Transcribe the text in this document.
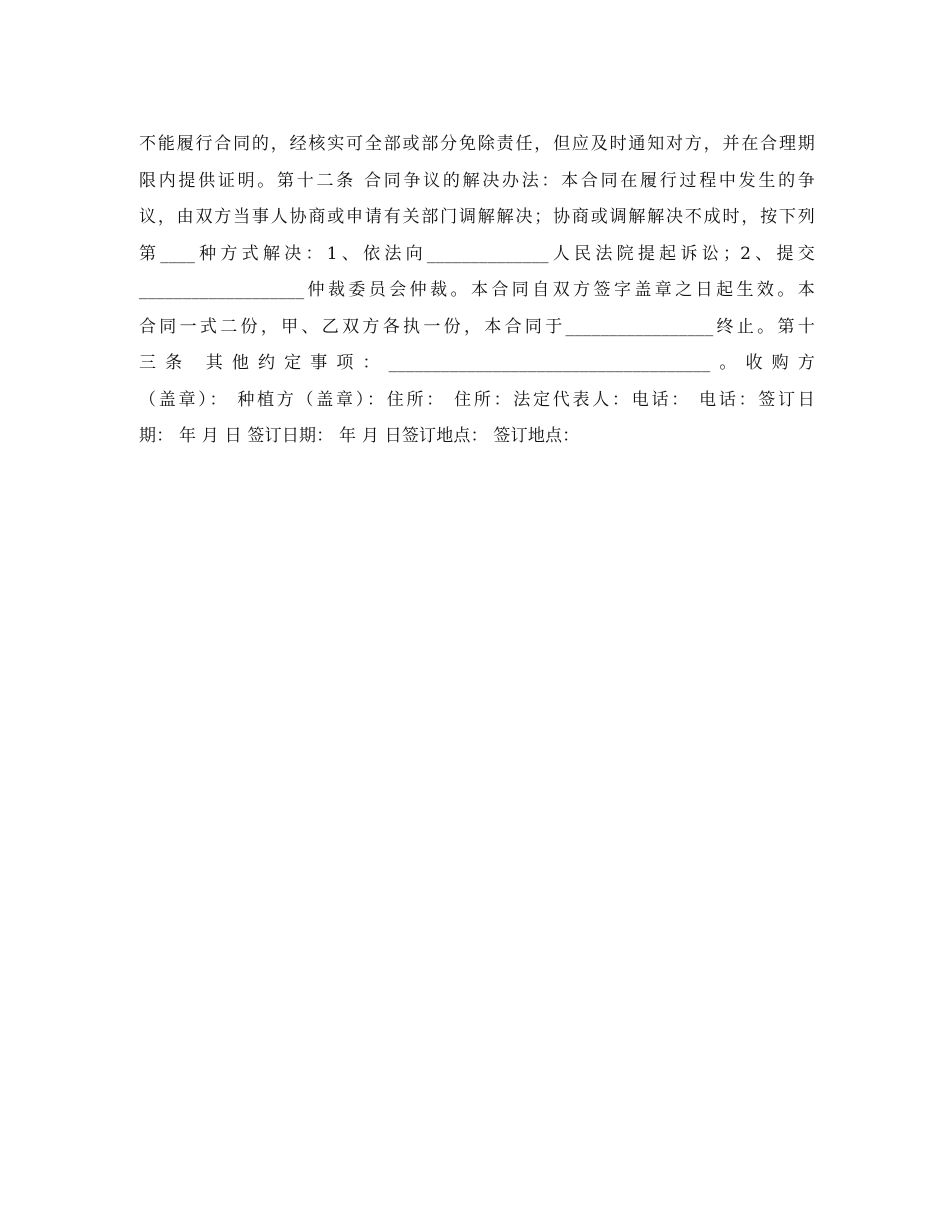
不能履行合同的，经核实可全部或部分免除责任，但应及时通知对方，并在合理期
限内提供证明。第十二条 合同争议的解决办法：本合同在履行过程中发生的争
议，由双方当事人协商或申请有关部门调解解决；协商或调解解决不成时，按下列
第____种方式解决：1、依法向______________人民法院提起诉讼；2、提交
___________________仲裁委员会仲裁。本合同自双方签字盖章之日起生效。本
合同一式二份，甲、乙双方各执一份，本合同于_________________终止。第十
三条 其他约定事项：_____________________________________。收购方
（盖章）： 种植方（盖章）：住所： 住所：法定代表人：电话： 电话：签订日
期： 年 月 日 签订日期： 年 月 日签订地点： 签订地点：
